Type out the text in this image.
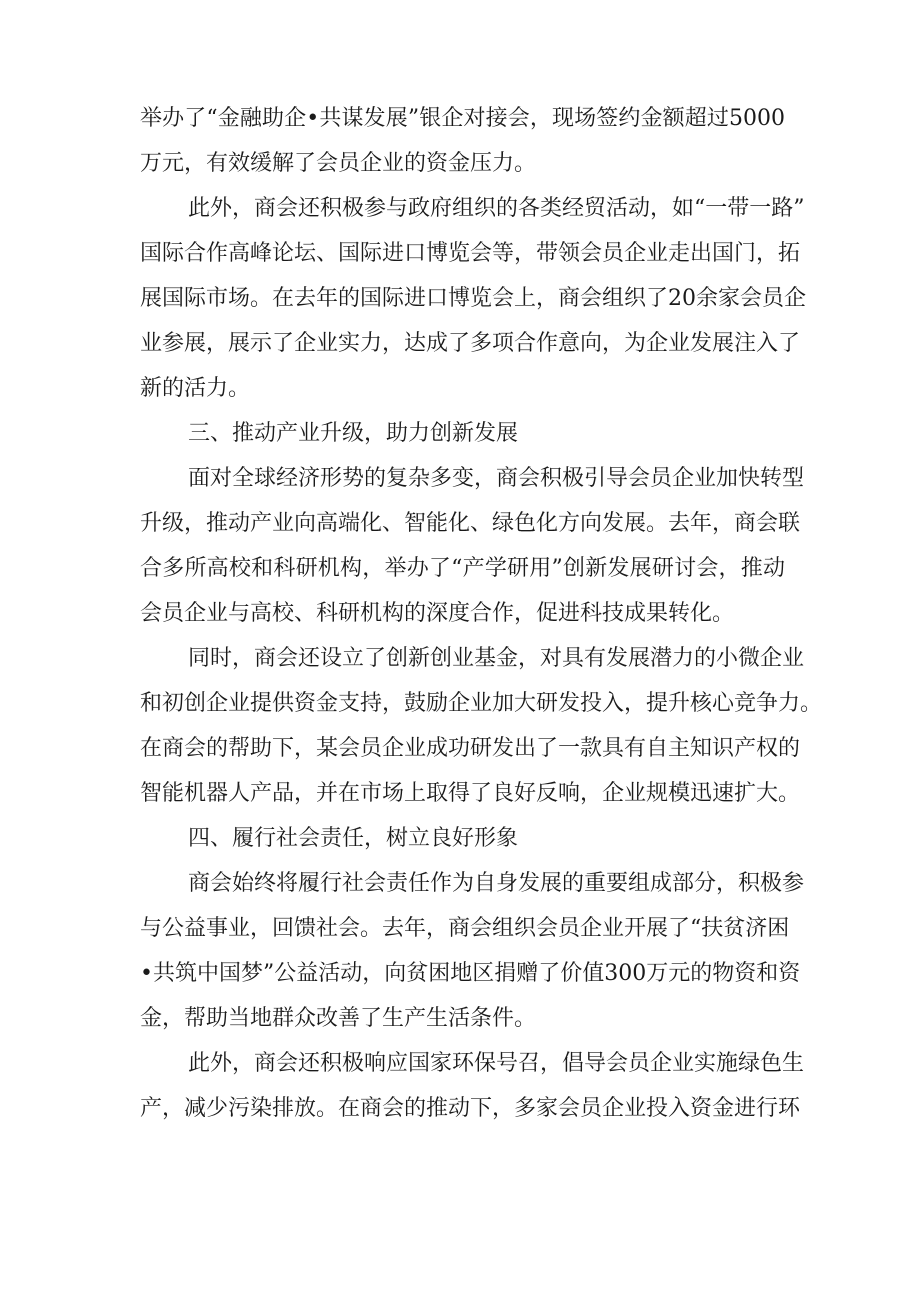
举办了“金融助企•共谋发展”银企对接会，现场签约金额超过5000
万元，有效缓解了会员企业的资金压力。
此外，商会还积极参与政府组织的各类经贸活动，如“一带一路”
国际合作高峰论坛、国际进口博览会等，带领会员企业走出国门，拓
展国际市场。在去年的国际进口博览会上，商会组织了20余家会员企
业参展，展示了企业实力，达成了多项合作意向，为企业发展注入了
新的活力。
三、推动产业升级，助力创新发展
面对全球经济形势的复杂多变，商会积极引导会员企业加快转型
升级，推动产业向高端化、智能化、绿色化方向发展。去年，商会联
合多所高校和科研机构，举办了“产学研用”创新发展研讨会，推动
会员企业与高校、科研机构的深度合作，促进科技成果转化。
同时，商会还设立了创新创业基金，对具有发展潜力的小微企业
和初创企业提供资金支持，鼓励企业加大研发投入，提升核心竞争力。
在商会的帮助下，某会员企业成功研发出了一款具有自主知识产权的
智能机器人产品，并在市场上取得了良好反响，企业规模迅速扩大。
四、履行社会责任，树立良好形象
商会始终将履行社会责任作为自身发展的重要组成部分，积极参
与公益事业，回馈社会。去年，商会组织会员企业开展了“扶贫济困
•共筑中国梦”公益活动，向贫困地区捐赠了价值300万元的物资和资
金，帮助当地群众改善了生产生活条件。
此外，商会还积极响应国家环保号召，倡导会员企业实施绿色生
产，减少污染排放。在商会的推动下，多家会员企业投入资金进行环
